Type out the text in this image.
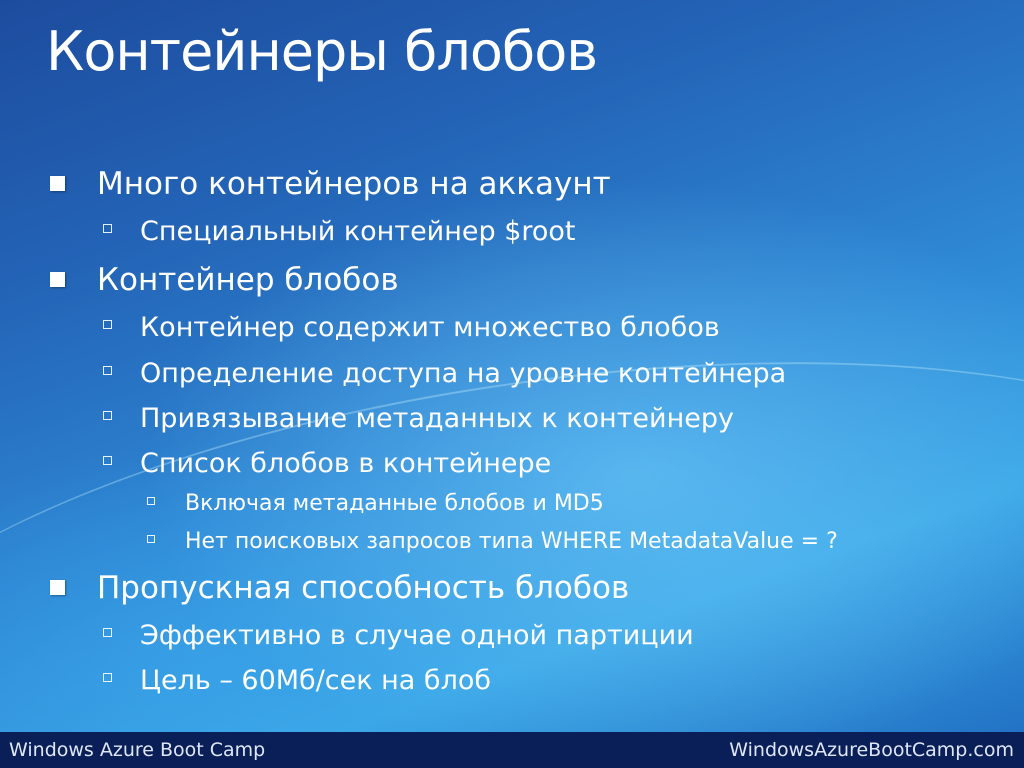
Контейнеры блобов
Много контейнеров на аккаунт
Специальный контейнер $root
Контейнер блобов
Контейнер содержит множество блобов
Определение доступа на уровне контейнера
Привязывание метаданных к контейнеру
Список блобов в контейнере
Включая метаданные блобов и MD5
Нет поисковых запросов типа WHERE MetadataValue = ?
Пропускная способность блобов
Эффективно в случае одной партиции
Цель – 60Мб/сек на блоб
Windows Azure Boot Camp	WindowsAzureBootCamp.com
